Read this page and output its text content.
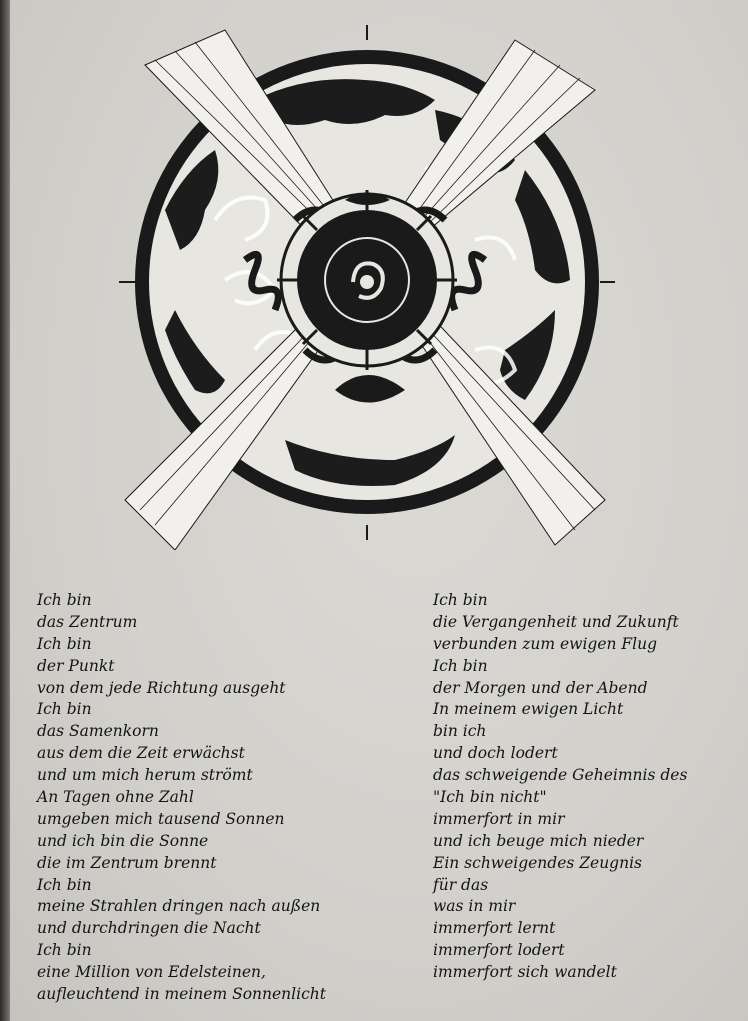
Ich bin
das Zentrum
Ich bin
der Punkt
von dem jede Richtung ausgeht
Ich bin
das Samenkorn
aus dem die Zeit erwächst
und um mich herum strömt
An Tagen ohne Zahl
umgeben mich tausend Sonnen
und ich bin die Sonne
die im Zentrum brennt
Ich bin
meine Strahlen dringen nach außen
und durchdringen die Nacht
Ich bin
eine Million von Edelsteinen,
aufleuchtend in meinem Sonnenlicht
Ich bin
die Vergangenheit und Zukunft
verbunden zum ewigen Flug
Ich bin
der Morgen und der Abend
In meinem ewigen Licht
bin ich
und doch lodert
das schweigende Geheimnis des
"Ich bin nicht"
immerfort in mir
und ich beuge mich nieder
Ein schweigendes Zeugnis
für das
was in mir
immerfort lernt
immerfort lodert
immerfort sich wandelt
